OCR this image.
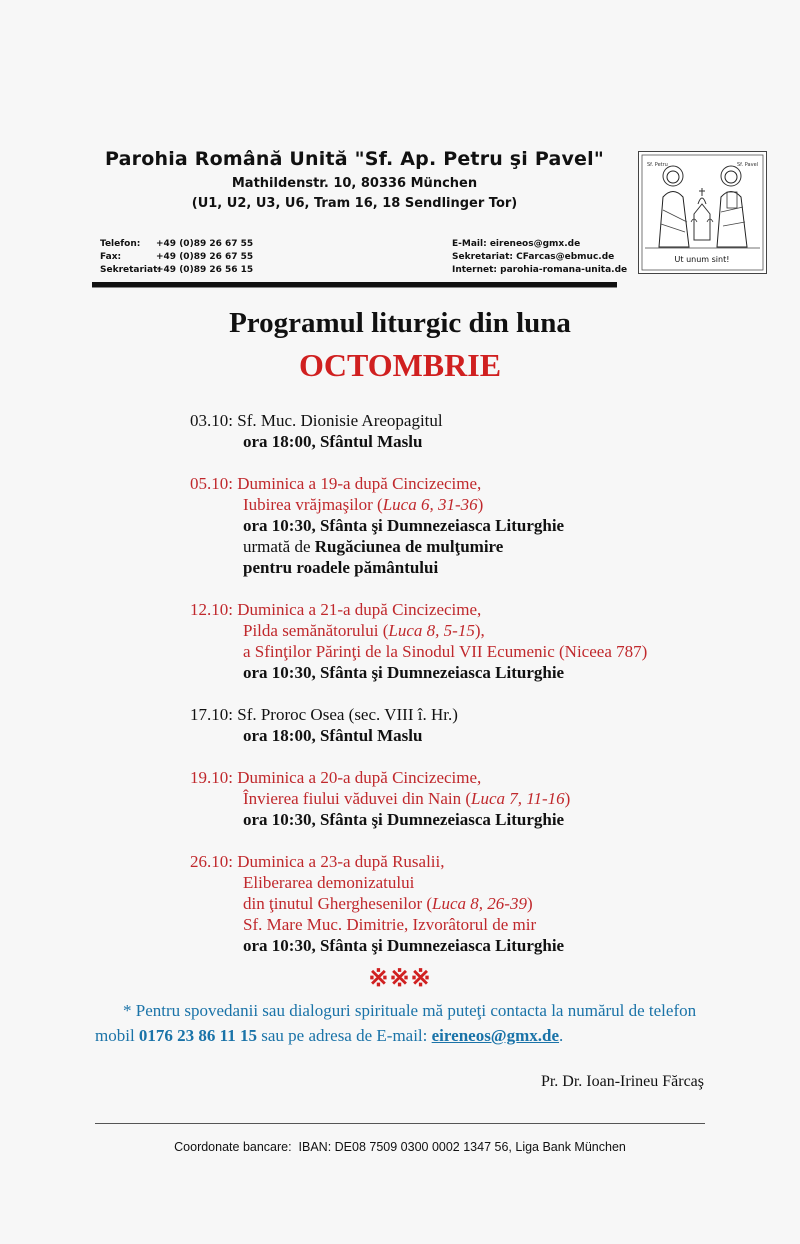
Parohia Română Unită "Sf. Ap. Petru şi Pavel"
Mathildenstr. 10, 80336 München
(U1, U2, U3, U6, Tram 16, 18 Sendlinger Tor)
Telefon: +49 (0)89 26 67 55
Fax:	+49 (0)89 26 67 55
Sekretariat:+49 (0)89 26 56 15
E-Mail: eireneos@gmx.de
Sekretariat: CFarcas@ebmuc.de
Internet: parohia-romana-unita.de
Sf. Petru	Sf. Pavel
Ut unum sint!
Programul liturgic din luna
OCTOMBRIE
03.10: Sf. Muc. Dionisie Areopagitul
ora 18:00, Sfântul Maslu
05.10: Duminica a 19-a după Cincizecime,
Iubirea vrăjmaşilor (Luca 6, 31-36)
ora 10:30, Sfânta şi Dumnezeiasca Liturghie
urmată de Rugăciunea de mulţumire
pentru roadele pământului
12.10: Duminica a 21-a după Cincizecime,
Pilda semănătorului (Luca 8, 5-15),
a Sfinţilor Părinţi de la Sinodul VII Ecumenic (Niceea 787)
ora 10:30, Sfânta şi Dumnezeiasca Liturghie
17.10: Sf. Proroc Osea (sec. VIII î. Hr.)
ora 18:00, Sfântul Maslu
19.10: Duminica a 20-a după Cincizecime,
Învierea fiului văduvei din Nain (Luca 7, 11-16)
ora 10:30, Sfânta şi Dumnezeiasca Liturghie
26.10: Duminica a 23-a după Rusalii,
Eliberarea demonizatului
din ţinutul Gherghesenilor (Luca 8, 26-39)
Sf. Mare Muc. Dimitrie, Izvorâtorul de mir
ora 10:30, Sfânta şi Dumnezeiasca Liturghie
※※※
* Pentru spovedanii sau dialoguri spirituale mă puteţi contacta la numărul de telefon mobil 0176 23 86 11 15 sau pe adresa de E-mail: eireneos@gmx.de.
Pr. Dr. Ioan-Irineu Fărcaş
Coordonate bancare:  IBAN: DE08 7509 0300 0002 1347 56, Liga Bank München
